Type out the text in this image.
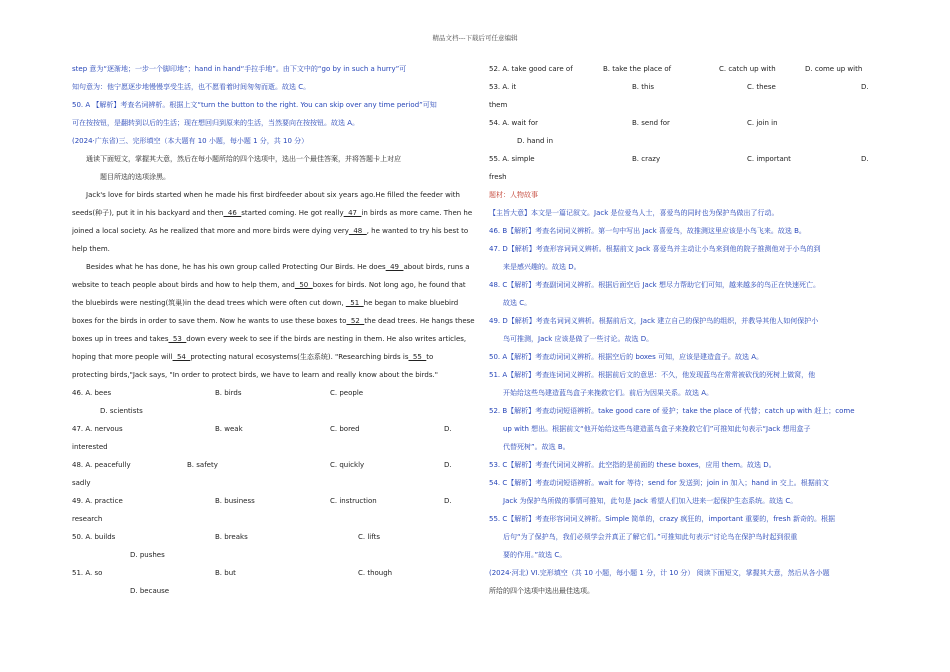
精品文档---下载后可任意编辑
step 意为“逐渐地；一步一个脚印地”；hand in hand“手拉手地”。由下文中的“go by in such a hurry”可
知句意为：他宁愿逐步地慢慢享受生活，也不愿看着时间匆匆而逝。故选 C。
50. A 【解析】考查名词辨析。根据上文“turn the button to the right. You can skip over any time period”可知
可在按按钮，是翻转到以后的生活；现在想回归到原来的生活，当然要向在按按钮。故选 A。
(2024·广东省)三、完形填空（本大题有 10 小题，每小题 1 分，共 10 分）
通读下面短文，掌握其大意，然后在每小题所给的四个选项中，选出一个最佳答案，并将答题卡上对应
题目所选的选项涂黑。
Jack's love for birds started when he made his first birdfeeder about six years ago.He filled the feeder with
seeds(种子), put it in his backyard and then  46  started coming. He got really  47  in birds as more came. Then he
joined a local society. As he realized that more and more birds were dying very  48  , he wanted to try his best to
help them.
Besides what he has done, he has his own group called Protecting Our Birds. He does  49  about birds, runs a
website to teach people about birds and how to help them, and  50  boxes for birds. Not long ago, he found that
the bluebirds were nesting(筑巢)in the dead trees which were often cut down,   51  he began to make bluebird
boxes for the birds in order to save them. Now he wants to use these boxes to  52  the dead trees. He hangs these
boxes up in trees and takes  53  down every week to see if the birds are nesting in them. He also writes articles,
hoping that more people will  54  protecting natural ecosystems(生态系统). "Researching birds is  55  to
protecting birds,"Jack says, "In order to protect birds, we have to learn and really know about the birds."
46. A. bees	B. birds	C. people
D. scientists
47. A. nervous	B. weak	C. bored	D.
interested
48. A. peacefully	B. safety	C. quickly	D.
sadly
49. A. practice	B. business	C. instruction	D.
research
50. A. builds	B. breaks	C. lifts
D. pushes
51. A. so	B. but	C. though
D. because
52. A. take good care of	B. take the place of	C. catch up with	D. come up with
53. A. it	B. this	C. these	D.
them
54. A. wait for	B. send for	C. join in
D. hand in
55. A. simple	B. crazy	C. important	D.
fresh
题材：人物故事
【主旨大意】本文是一篇记叙文。Jack 是位爱鸟人士，喜爱鸟的同时也为保护鸟做出了行动。
46. B【解析】考查名词词义辨析。第一句中写出 Jack 喜爱鸟，故推测这里应该是小鸟飞来。故选 B。
47. D【解析】考查形容词词义辨析。根据前文 Jack 喜爱鸟并主动让小鸟来到他的院子推测他对于小鸟的到
来是感兴趣的。故选 D。
48. C【解析】考查副词词义辨析。根据后面空后 Jack 想尽力帮助它们可知，越来越多的鸟正在快速死亡。
故选 C。
49. D【解析】考查名词词义辨析。根据前后文，Jack 建立自己的保护鸟的组织，并教导其他人如何保护小
鸟可推测，Jack 应该是做了一些讨论。故选 D。
50. A【解析】考查动词词义辨析。根据空后的 boxes 可知，应该是建造盒子。故选 A。
51. A【解析】考查连词词义辨析。根据前后文的意思：不久，他发现蓝鸟在常常被砍伐的死树上做窝，他
开始给这些鸟建造蓝鸟盒子来挽救它们。前后为因果关系。故选 A。
52. B【解析】考查动词短语辨析。take good care of 爱护；take the place of 代替；catch up with 赶上；come
up with 想出。根据前文“他开始给这些鸟建造蓝鸟盒子来挽救它们”可推知此句表示“Jack 想用盒子
代替死树”。故选 B。
53. C【解析】考查代词词义辨析。此空指的是前面的 these boxes，应用 them。故选 D。
54. C【解析】考查动词短语辨析。wait for 等待；send for 发送到；join in 加入；hand in 交上。根据前文
Jack 为保护鸟所做的事情可推知，此句是 Jack 希望人们加入进来一起保护生态系统。故选 C。
55. C【解析】考查形容词词义辨析。Simple 简单的，crazy 疯狂的，important 重要的，fresh 新奇的。根据
后句“为了保护鸟，我们必须学会并真正了解它们。”可推知此句表示“讨论鸟在保护鸟时起到很重
要的作用。”故选 C。
(2024·河北) VI.完形填空（共 10 小题，每小题 1 分，计 10 分） 阅读下面短文，掌握其大意，然后从各小题
所给的四个选项中选出最佳选项。
